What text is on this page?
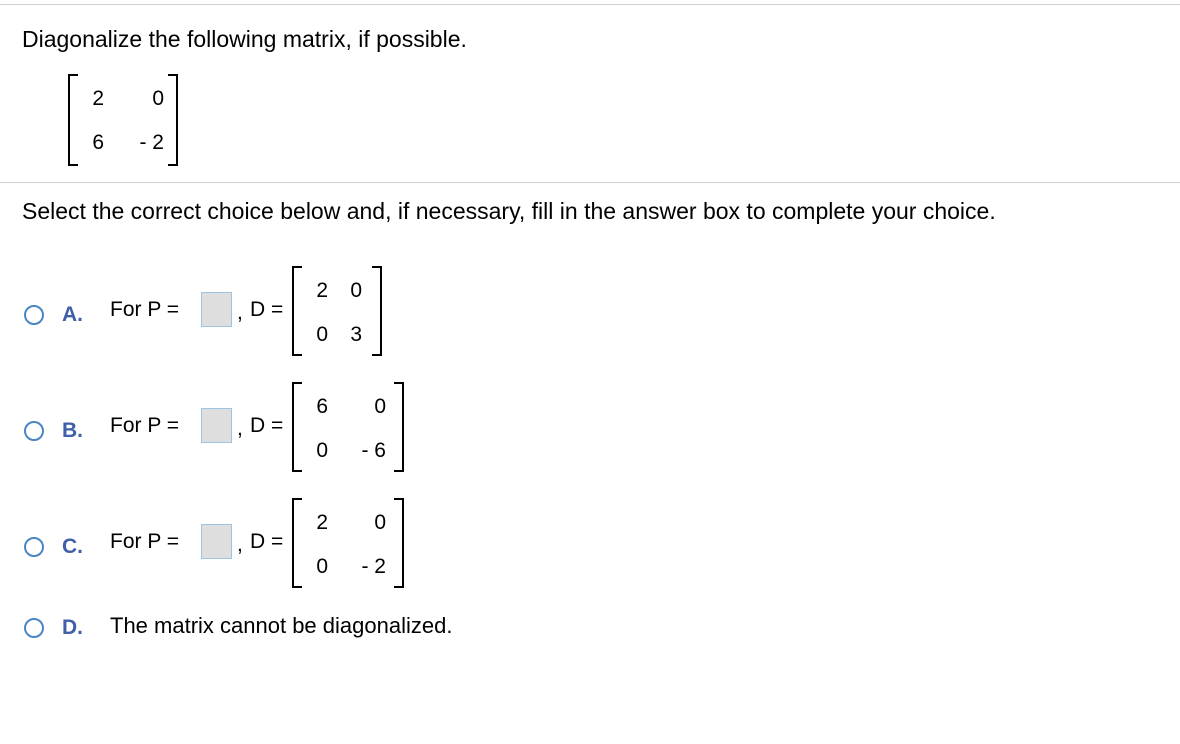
Diagonalize the following matrix, if possible.
2	0
6	- 2
Select the correct choice below and, if necessary, fill in the answer box to complete your choice.
A. For P =	, D =
2	0
0	3
B. For P =	, D =
6	0
0	- 6
C. For P =	, D =
2	0
0	- 2
D. The matrix cannot be diagonalized.
